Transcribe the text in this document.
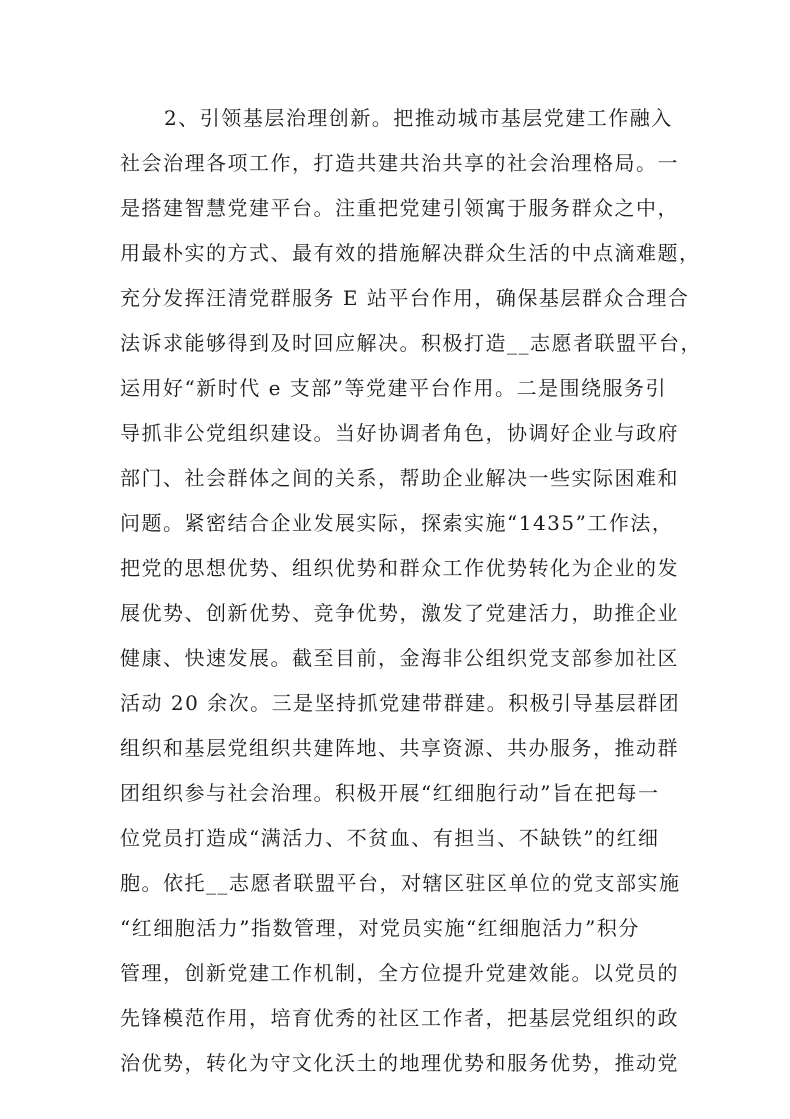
2、引领基层治理创新。把推动城市基层党建工作融入
社会治理各项工作，打造共建共治共享的社会治理格局。一
是搭建智慧党建平台。注重把党建引领寓于服务群众之中，
用最朴实的方式、最有效的措施解决群众生活的中点滴难题，
充分发挥汪清党群服务 E 站平台作用，确保基层群众合理合
法诉求能够得到及时回应解决。积极打造__志愿者联盟平台，
运用好“新时代 e 支部”等党建平台作用。二是围绕服务引
导抓非公党组织建设。当好协调者角色，协调好企业与政府
部门、社会群体之间的关系，帮助企业解决一些实际困难和
问题。紧密结合企业发展实际，探索实施“1435”工作法，
把党的思想优势、组织优势和群众工作优势转化为企业的发
展优势、创新优势、竞争优势，激发了党建活力，助推企业
健康、快速发展。截至目前，金海非公组织党支部参加社区
活动 20 余次。三是坚持抓党建带群建。积极引导基层群团
组织和基层党组织共建阵地、共享资源、共办服务，推动群
团组织参与社会治理。积极开展“红细胞行动”旨在把每一
位党员打造成“满活力、不贫血、有担当、不缺铁”的红细
胞。依托__志愿者联盟平台，对辖区驻区单位的党支部实施
“红细胞活力”指数管理，对党员实施“红细胞活力”积分
管理，创新党建工作机制，全方位提升党建效能。以党员的
先锋模范作用，培育优秀的社区工作者，把基层党组织的政
治优势，转化为守文化沃土的地理优势和服务优势，推动党
